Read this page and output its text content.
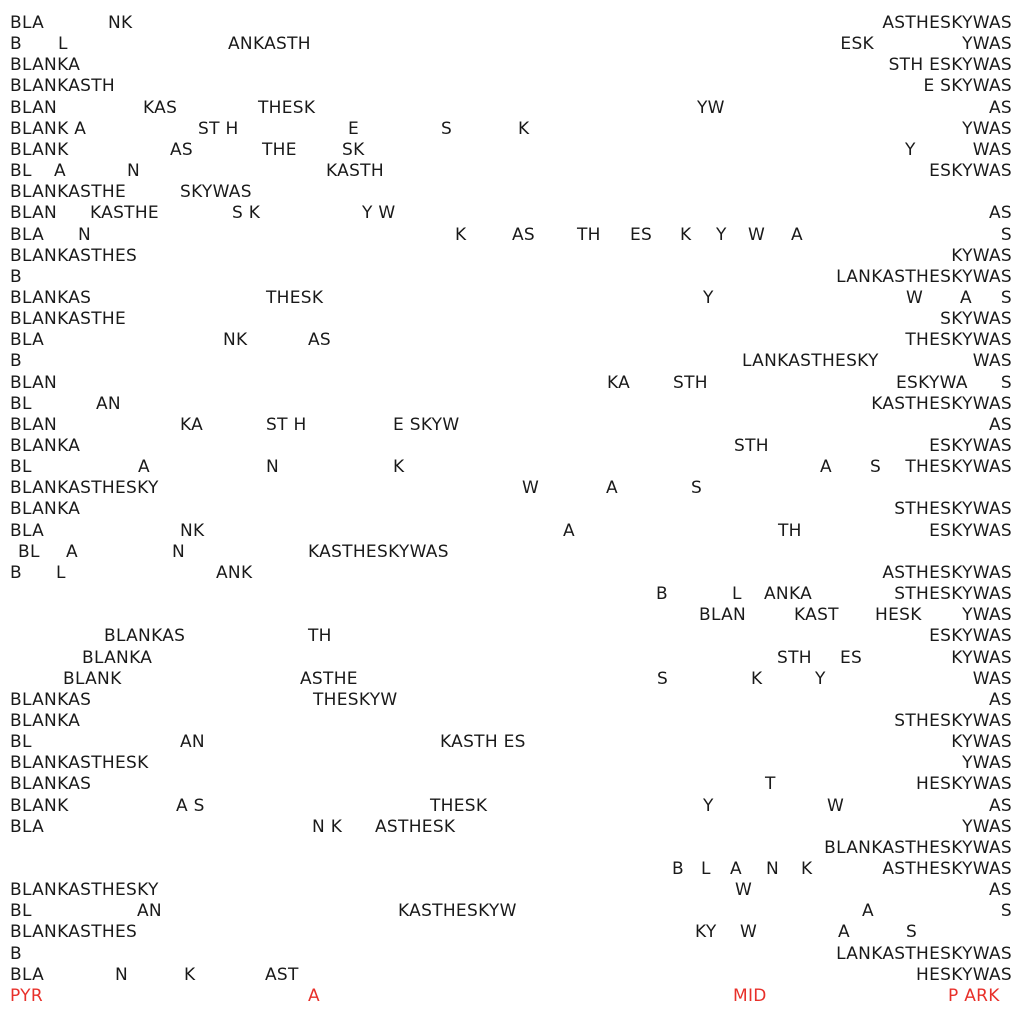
BLA	NK	ASTHESKYWAS
B L	ANKASTH	ESK	YWAS
BLANKA	STH ESKYWAS
BLANKASTH	E SKYWAS
BLAN	KAS	THESK	YW	AS
BLANK A	ST H	E	S	K	YWAS
BLANK	AS	THE	SK	Y	WAS
BL A	N	KASTH	ESKYWAS
BLANKASTHE	SKYWAS
BLAN KASTHE	S K	Y W	AS
BLA N	K	AS TH ES K Y W A	S
BLANKASTHES	KYWAS
B	LANKASTHESKYWAS
BLANKAS	THESK	Y	W A S
BLANKASTHE	SKYWAS
BLA	NK	AS	THESKYWAS
B	LANKASTHESKY	WAS
BLAN	KA	STH	ESKYWA S
BL	AN	KASTHESKYWAS
BLAN	KA	ST H	E SKYW	AS
BLANKA	STH	ESKYWAS
BL	A	N	K	A S THESKYWAS
BLANKASTHESKY	W	A	S
BLANKA	STHESKYWAS
BLA	NK	A	TH	ESKYWAS
BL A	N	KASTHESKYWAS
B L	ANK	ASTHESKYWAS
B	L ANKA	STHESKYWAS
BLAN	KAST HESK YWAS
BLANKAS	TH	ESKYWAS
BLANKA	STH ES	KYWAS
BLANK	ASTHE	S	K	Y	WAS
BLANKAS	THESKYW	AS
BLANKA	STHESKYWAS
BL	AN	KASTH ES	KYWAS
BLANKASTHESK	YWAS
BLANKAS	T	HESKYWAS
BLANK	A S	THESK	Y	W	AS
BLA	N K ASTHESK	YWAS
BLANKASTHESKYWAS
B L A N K	ASTHESKYWAS
BLANKASTHESKY	W	AS
BL	AN	KASTHESKYW	A	S
BLANKASTHES	KY W	A	S
B	LANKASTHESKYWAS
BLA	N	K	AST	HESKYWAS
PYR	A	MID	P ARK
